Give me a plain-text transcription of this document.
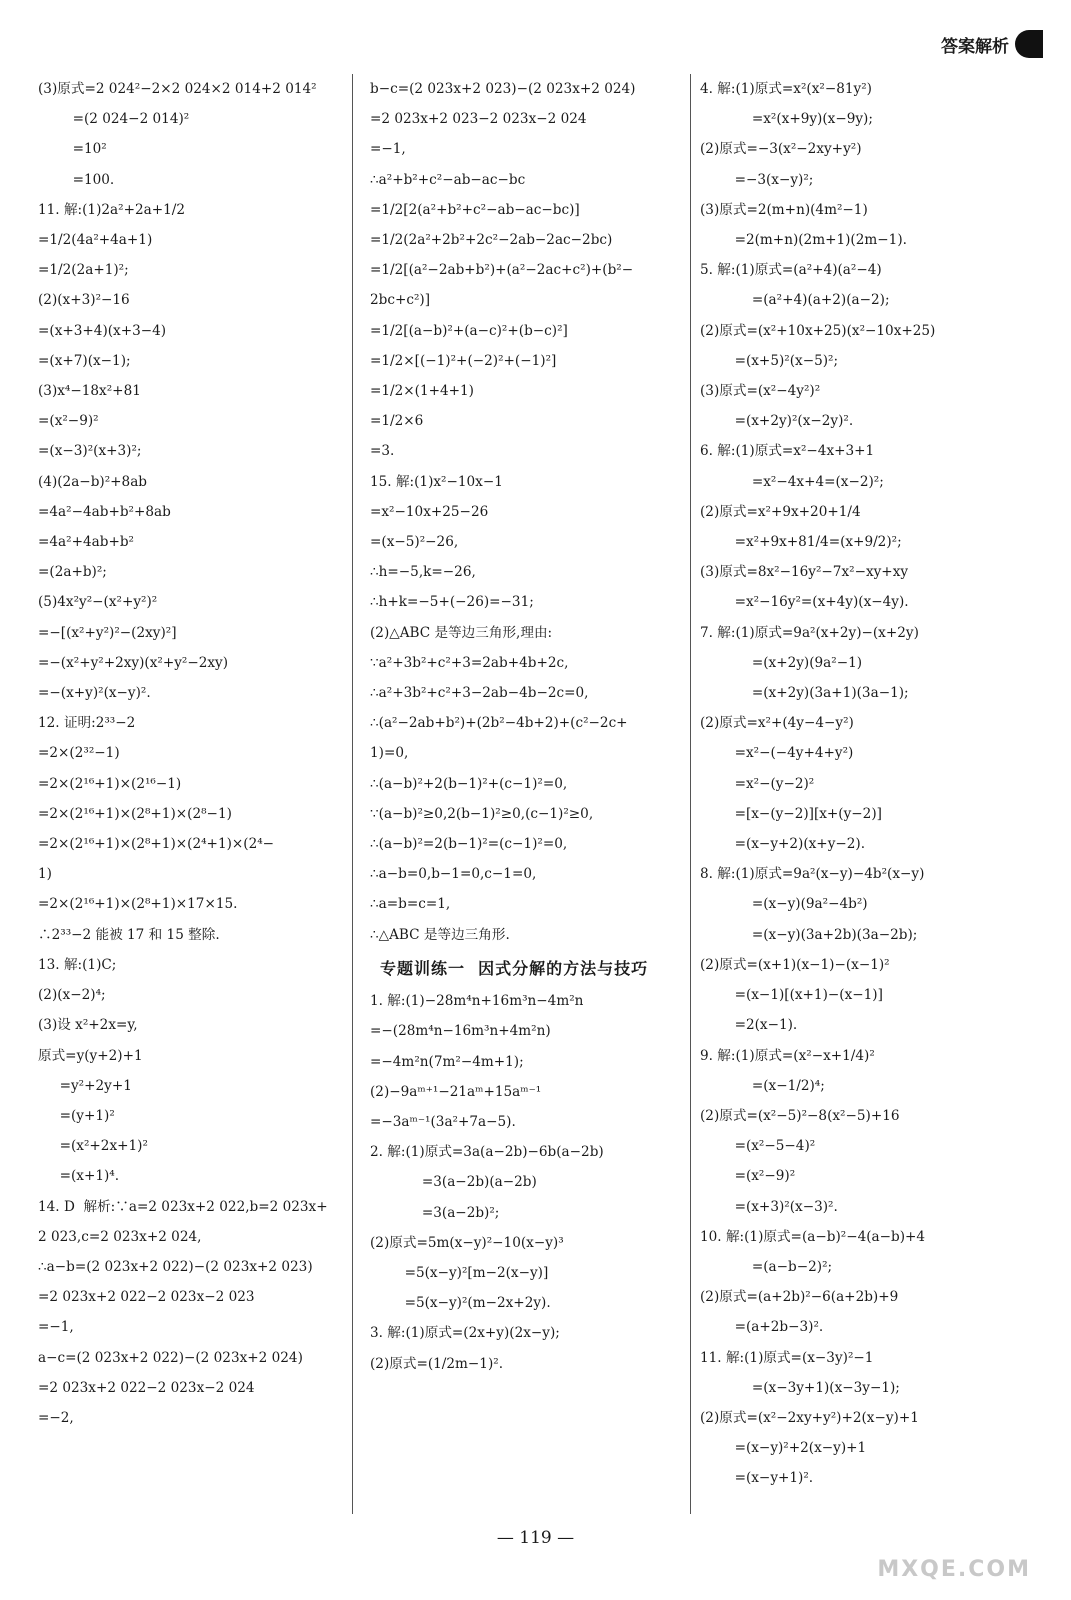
答案解析
(3)原式=2 024²−2×2 024×2 014+2 014²
=(2 024−2 014)²
=10²
=100.
11. 解:(1)2a²+2a+1/2
=1/2(4a²+4a+1)
=1/2(2a+1)²;
(2)(x+3)²−16
=(x+3+4)(x+3−4)
=(x+7)(x−1);
(3)x⁴−18x²+81
=(x²−9)²
=(x−3)²(x+3)²;
(4)(2a−b)²+8ab
=4a²−4ab+b²+8ab
=4a²+4ab+b²
=(2a+b)²;
(5)4x²y²−(x²+y²)²
=−[(x²+y²)²−(2xy)²]
=−(x²+y²+2xy)(x²+y²−2xy)
=−(x+y)²(x−y)².
12. 证明:2³³−2
=2×(2³²−1)
=2×(2¹⁶+1)×(2¹⁶−1)
=2×(2¹⁶+1)×(2⁸+1)×(2⁸−1)
=2×(2¹⁶+1)×(2⁸+1)×(2⁴+1)×(2⁴−
1)
=2×(2¹⁶+1)×(2⁸+1)×17×15.
∴2³³−2 能被 17 和 15 整除.
13. 解:(1)C;
(2)(x−2)⁴;
(3)设 x²+2x=y,
原式=y(y+2)+1
=y²+2y+1
=(y+1)²
=(x²+2x+1)²
=(x+1)⁴.
14. D  解析:∵a=2 023x+2 022,b=2 023x+
2 023,c=2 023x+2 024,
∴a−b=(2 023x+2 022)−(2 023x+2 023)
=2 023x+2 022−2 023x−2 023
=−1,
a−c=(2 023x+2 022)−(2 023x+2 024)
=2 023x+2 022−2 023x−2 024
=−2,
b−c=(2 023x+2 023)−(2 023x+2 024)
=2 023x+2 023−2 023x−2 024
=−1,
∴a²+b²+c²−ab−ac−bc
=1/2[2(a²+b²+c²−ab−ac−bc)]
=1/2(2a²+2b²+2c²−2ab−2ac−2bc)
=1/2[(a²−2ab+b²)+(a²−2ac+c²)+(b²−
2bc+c²)]
=1/2[(a−b)²+(a−c)²+(b−c)²]
=1/2×[(−1)²+(−2)²+(−1)²]
=1/2×(1+4+1)
=1/2×6
=3.
15. 解:(1)x²−10x−1
=x²−10x+25−26
=(x−5)²−26,
∴h=−5,k=−26,
∴h+k=−5+(−26)=−31;
(2)△ABC 是等边三角形,理由:
∵a²+3b²+c²+3=2ab+4b+2c,
∴a²+3b²+c²+3−2ab−4b−2c=0,
∴(a²−2ab+b²)+(2b²−4b+2)+(c²−2c+
1)=0,
∴(a−b)²+2(b−1)²+(c−1)²=0,
∵(a−b)²≥0,2(b−1)²≥0,(c−1)²≥0,
∴(a−b)²=2(b−1)²=(c−1)²=0,
∴a−b=0,b−1=0,c−1=0,
∴a=b=c=1,
∴△ABC 是等边三角形.
专题训练一  因式分解的方法与技巧
1. 解:(1)−28m⁴n+16m³n−4m²n
=−(28m⁴n−16m³n+4m²n)
=−4m²n(7m²−4m+1);
(2)−9aᵐ⁺¹−21aᵐ+15aᵐ⁻¹
=−3aᵐ⁻¹(3a²+7a−5).
2. 解:(1)原式=3a(a−2b)−6b(a−2b)
=3(a−2b)(a−2b)
=3(a−2b)²;
(2)原式=5m(x−y)²−10(x−y)³
=5(x−y)²[m−2(x−y)]
=5(x−y)²(m−2x+2y).
3. 解:(1)原式=(2x+y)(2x−y);
(2)原式=(1/2m−1)².
4. 解:(1)原式=x²(x²−81y²)
=x²(x+9y)(x−9y);
(2)原式=−3(x²−2xy+y²)
=−3(x−y)²;
(3)原式=2(m+n)(4m²−1)
=2(m+n)(2m+1)(2m−1).
5. 解:(1)原式=(a²+4)(a²−4)
=(a²+4)(a+2)(a−2);
(2)原式=(x²+10x+25)(x²−10x+25)
=(x+5)²(x−5)²;
(3)原式=(x²−4y²)²
=(x+2y)²(x−2y)².
6. 解:(1)原式=x²−4x+3+1
=x²−4x+4=(x−2)²;
(2)原式=x²+9x+20+1/4
=x²+9x+81/4=(x+9/2)²;
(3)原式=8x²−16y²−7x²−xy+xy
=x²−16y²=(x+4y)(x−4y).
7. 解:(1)原式=9a²(x+2y)−(x+2y)
=(x+2y)(9a²−1)
=(x+2y)(3a+1)(3a−1);
(2)原式=x²+(4y−4−y²)
=x²−(−4y+4+y²)
=x²−(y−2)²
=[x−(y−2)][x+(y−2)]
=(x−y+2)(x+y−2).
8. 解:(1)原式=9a²(x−y)−4b²(x−y)
=(x−y)(9a²−4b²)
=(x−y)(3a+2b)(3a−2b);
(2)原式=(x+1)(x−1)−(x−1)²
=(x−1)[(x+1)−(x−1)]
=2(x−1).
9. 解:(1)原式=(x²−x+1/4)²
=(x−1/2)⁴;
(2)原式=(x²−5)²−8(x²−5)+16
=(x²−5−4)²
=(x²−9)²
=(x+3)²(x−3)².
10. 解:(1)原式=(a−b)²−4(a−b)+4
=(a−b−2)²;
(2)原式=(a+2b)²−6(a+2b)+9
=(a+2b−3)².
11. 解:(1)原式=(x−3y)²−1
=(x−3y+1)(x−3y−1);
(2)原式=(x²−2xy+y²)+2(x−y)+1
=(x−y)²+2(x−y)+1
=(x−y+1)².
— 119 —
MXQE.COM
